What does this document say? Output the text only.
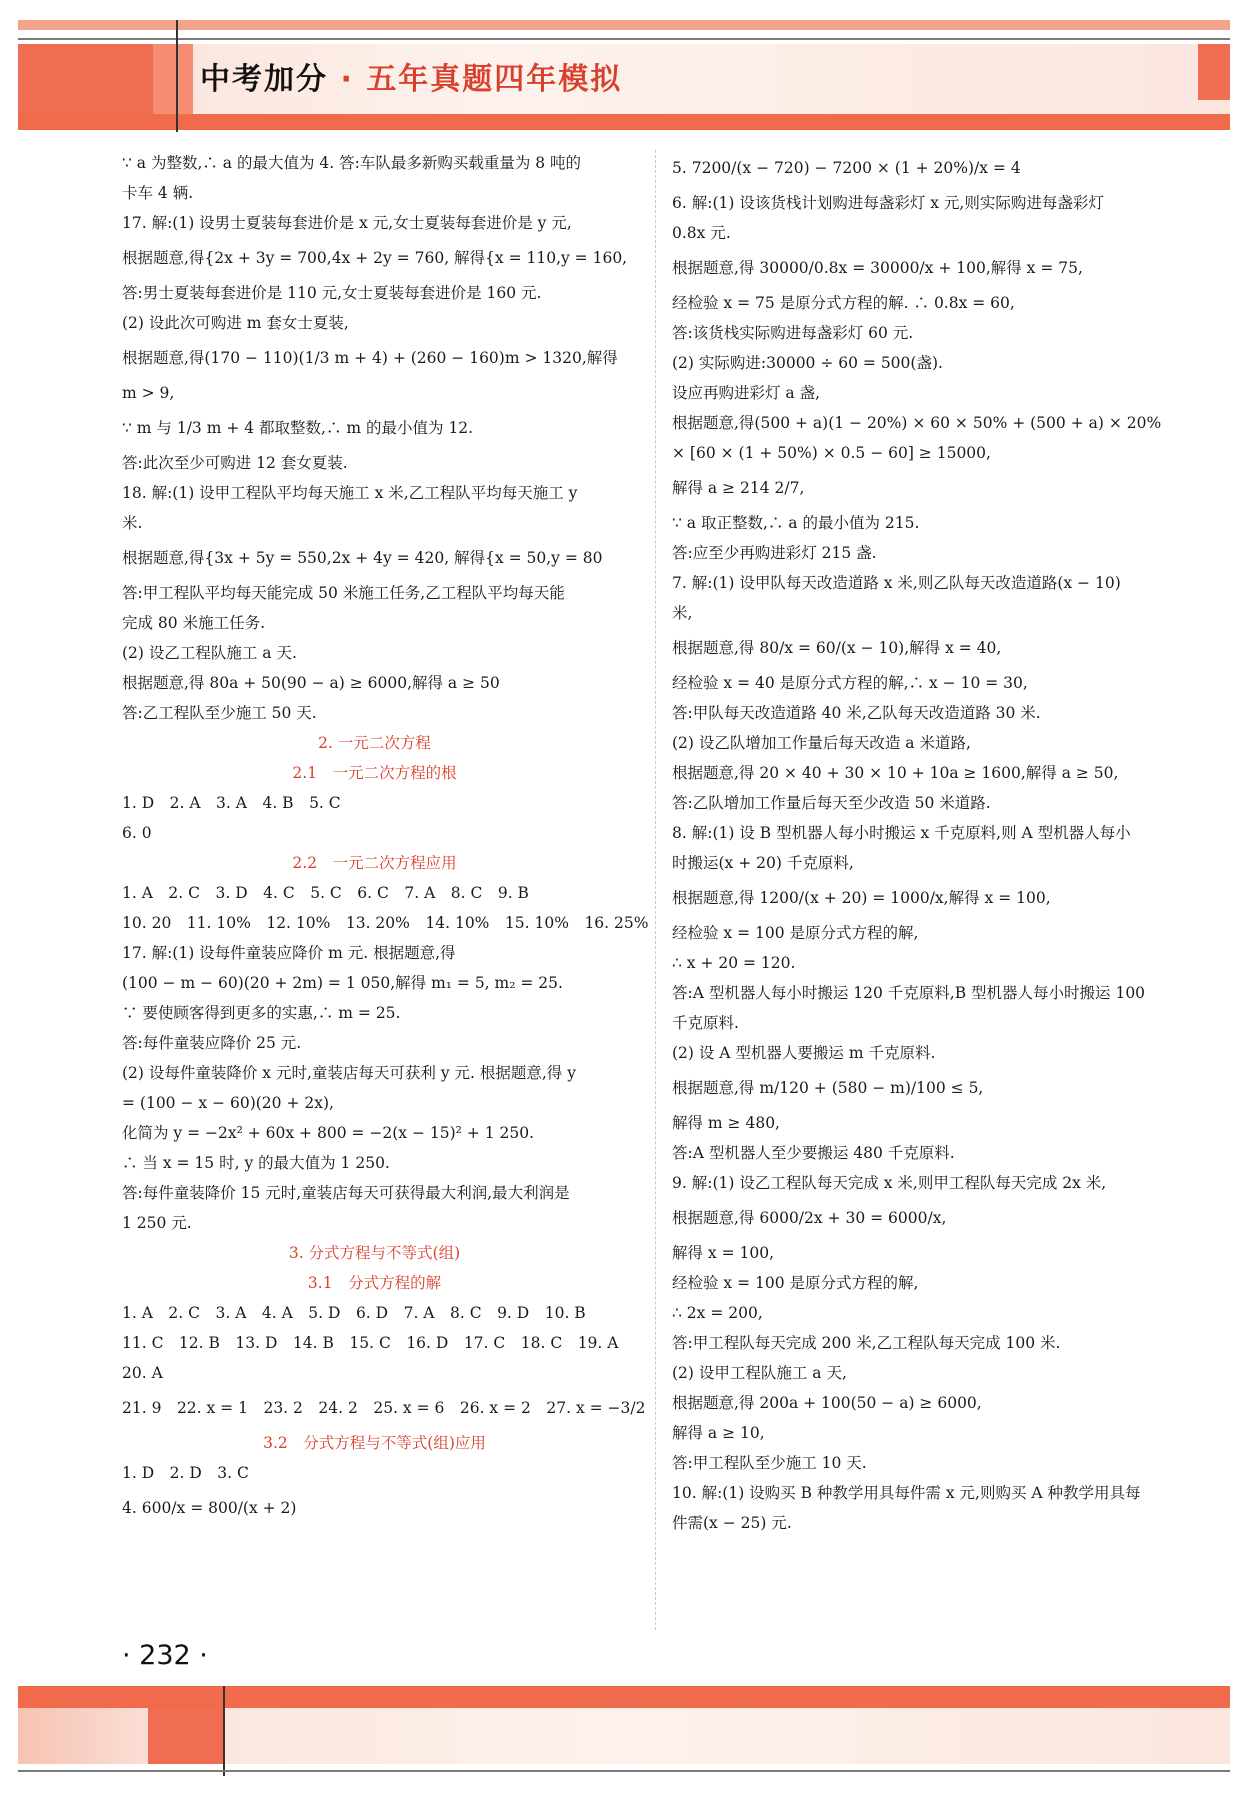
中考加分 · 五年真题四年模拟
∵ a 为整数,∴ a 的最大值为 4. 答:车队最多新购买载重量为 8 吨的
卡车 4 辆.
17. 解:(1) 设男士夏装每套进价是 x 元,女士夏装每套进价是 y 元,
根据题意,得{2x + 3y = 700,4x + 2y = 760, 解得{x = 110,y = 160,
答:男士夏装每套进价是 110 元,女士夏装每套进价是 160 元.
(2) 设此次可购进 m 套女士夏装,
根据题意,得(170 − 110)(1/3 m + 4) + (260 − 160)m > 1320,解得
m > 9,
∵ m 与 1/3 m + 4 都取整数,∴ m 的最小值为 12.
答:此次至少可购进 12 套女夏装.
18. 解:(1) 设甲工程队平均每天施工 x 米,乙工程队平均每天施工 y
米.
根据题意,得{3x + 5y = 550,2x + 4y = 420, 解得{x = 50,y = 80
答:甲工程队平均每天能完成 50 米施工任务,乙工程队平均每天能
完成 80 米施工任务.
(2) 设乙工程队施工 a 天.
根据题意,得 80a + 50(90 − a) ≥ 6000,解得 a ≥ 50
答:乙工程队至少施工 50 天.
2. 一元二次方程
2.1　一元二次方程的根
1. D　2. A　3. A　4. B　5. C
6. 0
2.2　一元二次方程应用
1. A　2. C　3. D　4. C　5. C　6. C　7. A　8. C　9. B
10. 20　11. 10%　12. 10%　13. 20%　14. 10%　15. 10%　16. 25%
17. 解:(1) 设每件童装应降价 m 元. 根据题意,得
(100 − m − 60)(20 + 2m) = 1 050,解得 m₁ = 5, m₂ = 25.
∵ 要使顾客得到更多的实惠,∴ m = 25.
答:每件童装应降价 25 元.
(2) 设每件童装降价 x 元时,童装店每天可获利 y 元. 根据题意,得 y
= (100 − x − 60)(20 + 2x),
化简为 y = −2x² + 60x + 800 = −2(x − 15)² + 1 250.
∴ 当 x = 15 时, y 的最大值为 1 250.
答:每件童装降价 15 元时,童装店每天可获得最大利润,最大利润是
1 250 元.
3. 分式方程与不等式(组)
3.1　分式方程的解
1. A　2. C　3. A　4. A　5. D　6. D　7. A　8. C　9. D　10. B
11. C　12. B　13. D　14. B　15. C　16. D　17. C　18. C　19. A
20. A
21. 9　22. x = 1　23. 2　24. 2　25. x = 6　26. x = 2　27. x = −3/2
3.2　分式方程与不等式(组)应用
1. D　2. D　3. C
4. 600/x = 800/(x + 2)
5. 7200/(x − 720) − 7200 × (1 + 20%)/x = 4
6. 解:(1) 设该货栈计划购进每盏彩灯 x 元,则实际购进每盏彩灯
0.8x 元.
根据题意,得 30000/0.8x = 30000/x + 100,解得 x = 75,
经检验 x = 75 是原分式方程的解. ∴ 0.8x = 60,
答:该货栈实际购进每盏彩灯 60 元.
(2) 实际购进:30000 ÷ 60 = 500(盏).
设应再购进彩灯 a 盏,
根据题意,得(500 + a)(1 − 20%) × 60 × 50% + (500 + a) × 20%
× [60 × (1 + 50%) × 0.5 − 60] ≥ 15000,
解得 a ≥ 214 2/7,
∵ a 取正整数,∴ a 的最小值为 215.
答:应至少再购进彩灯 215 盏.
7. 解:(1) 设甲队每天改造道路 x 米,则乙队每天改造道路(x − 10)
米,
根据题意,得 80/x = 60/(x − 10),解得 x = 40,
经检验 x = 40 是原分式方程的解,∴ x − 10 = 30,
答:甲队每天改造道路 40 米,乙队每天改造道路 30 米.
(2) 设乙队增加工作量后每天改造 a 米道路,
根据题意,得 20 × 40 + 30 × 10 + 10a ≥ 1600,解得 a ≥ 50,
答:乙队增加工作量后每天至少改造 50 米道路.
8. 解:(1) 设 B 型机器人每小时搬运 x 千克原料,则 A 型机器人每小
时搬运(x + 20) 千克原料,
根据题意,得 1200/(x + 20) = 1000/x,解得 x = 100,
经检验 x = 100 是原分式方程的解,
∴ x + 20 = 120.
答:A 型机器人每小时搬运 120 千克原料,B 型机器人每小时搬运 100
千克原料.
(2) 设 A 型机器人要搬运 m 千克原料.
根据题意,得 m/120 + (580 − m)/100 ≤ 5,
解得 m ≥ 480,
答:A 型机器人至少要搬运 480 千克原料.
9. 解:(1) 设乙工程队每天完成 x 米,则甲工程队每天完成 2x 米,
根据题意,得 6000/2x + 30 = 6000/x,
解得 x = 100,
经检验 x = 100 是原分式方程的解,
∴ 2x = 200,
答:甲工程队每天完成 200 米,乙工程队每天完成 100 米.
(2) 设甲工程队施工 a 天,
根据题意,得 200a + 100(50 − a) ≥ 6000,
解得 a ≥ 10,
答:甲工程队至少施工 10 天.
10. 解:(1) 设购买 B 种教学用具每件需 x 元,则购买 A 种教学用具每
件需(x − 25) 元.
· 232 ·
